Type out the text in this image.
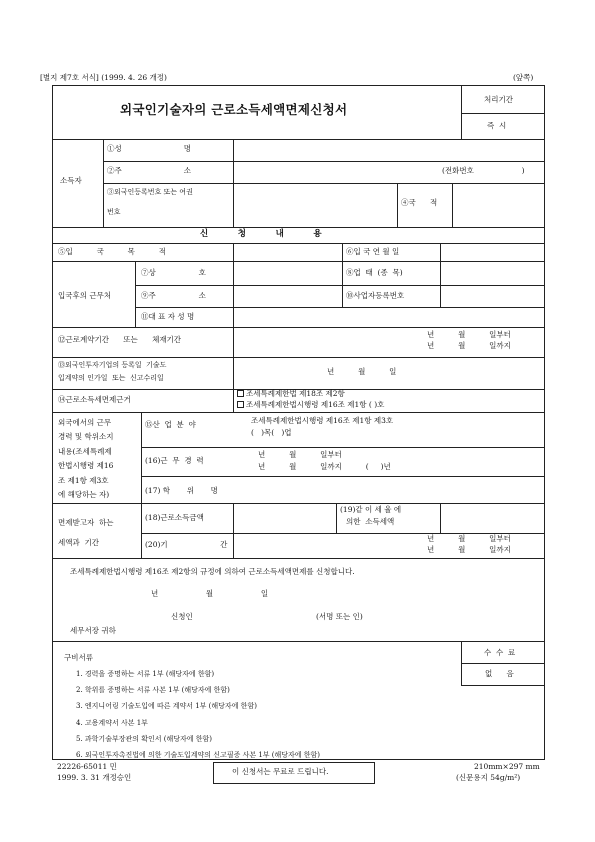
[별지 제7호 서식] (1999. 4. 26 개정)	(앞쪽)
외국인기술자의 근로소득세액면제신청서
처리기간
즉  시
소득자
①성                          명
②주                          소	(전화번호                    )
③외국인등록번호 또는 여권
번호
④국      적
신          청          내          용
⑤입          국          목          적	⑥입 국 연 월 일
입국후의 근무처
⑦상                  호	⑧업  태  (종  목)
⑨주                  소	⑩사업자등록번호
⑪대 표 자 성 명
⑫근로계약기간      또는      체재기간
년          월          일부터
년          월          일까지
⑬외국인투자기업의 등록일  기술도
입계약의 인가일  또는  신고수리일
년          월          일
⑭근로소득세면제근거
조세특례제한법 제18조 제2항
조세특례제한법시행령 제16조 제1항 ( )호
외국에서의 근무
경력 및 학위소지
내용(조세특례제
한법시행령 제16
조 제1항 제3호
에 해당하는 자)
⑮산  업  분  야	조세특례제한법시행령 제16조 제1항 제3호
(   )목(   )업
(16)근  무  경  력
년          월          일부터
년          월          일까지          (     )년
(17) 학       위       명
면제받고자  하는
세액과  기간
(18)근로소득금액
(19)같 이 세 율 에
의한  소득세액
(20)기                      간
년          월          일부터
년          월          일까지
조세특례제한법시행령 제16조 제2항의 규정에 의하여 근로소득세액면제를 신청합니다.
년                    월                    일
신청인	(서명 또는 인)
세무서장 귀하
구비서류
1. 경력을 증명하는 서류 1부 (해당자에 한함)
2. 학위를 증명하는 서류 사본 1부 (해당자에 한함)
3. 엔지니어링 기술도입에 따른 계약서 1부 (해당자에 한함)
4. 고용계약서 사본 1부
5. 과학기술부장관의 확인서 (해당자에 한함)
6. 외국인투자촉진법에 의한 기술도입계약의 신고필증 사본 1부 (해당자에 한함)
수  수  료
없      음
22226-65011 민
1999. 3. 31 개정승인
이 신청서는 무료로 드립니다.
210mm×297 mm
(신문용지 54g/m²)
